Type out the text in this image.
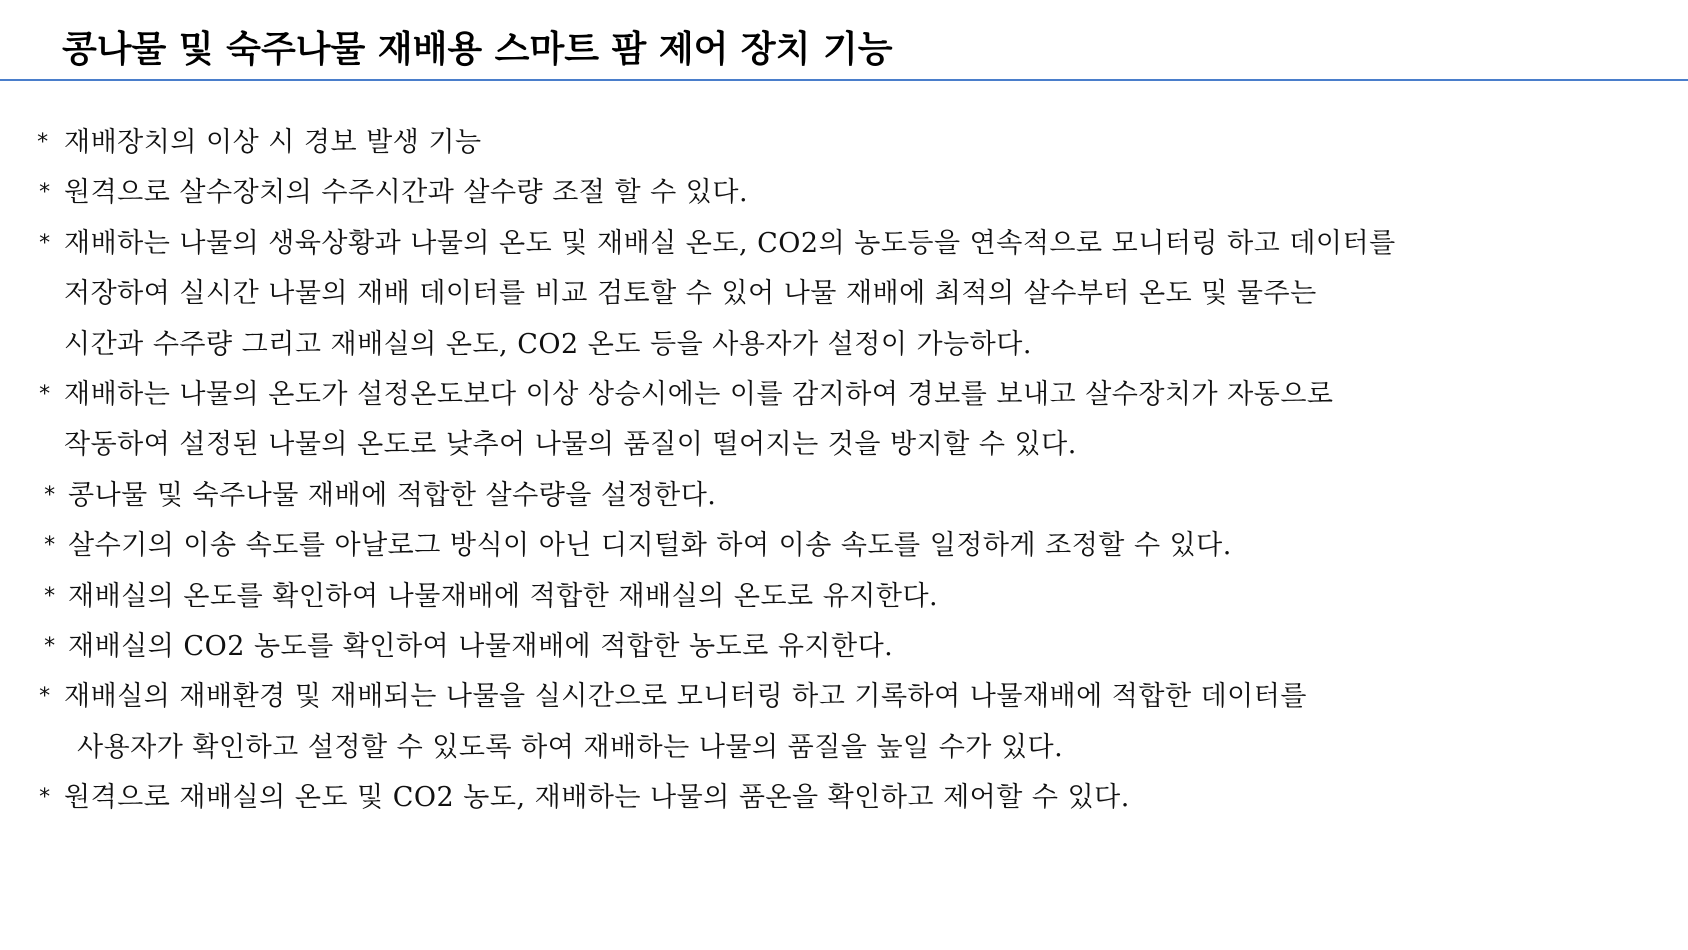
콩나물 및 숙주나물 재배용 스마트 팜 제어 장치 기능
* 재배장치의 이상 시 경보 발생 기능
* 원격으로 살수장치의 수주시간과 살수량 조절 할 수 있다.
* 재배하는 나물의 생육상황과 나물의 온도 및 재배실 온도, CO2의 농도등을 연속적으로 모니터링 하고 데이터를
저장하여 실시간 나물의 재배 데이터를 비교 검토할 수 있어 나물 재배에 최적의 살수부터 온도 및 물주는
시간과 수주량 그리고 재배실의 온도, CO2 온도 등을 사용자가 설정이 가능하다.
* 재배하는 나물의 온도가 설정온도보다 이상 상승시에는 이를 감지하여 경보를 보내고 살수장치가 자동으로
작동하여 설정된 나물의 온도로 낮추어 나물의 품질이 떨어지는 것을 방지할 수 있다.
* 콩나물 및 숙주나물 재배에 적합한 살수량을 설정한다.
* 살수기의 이송 속도를 아날로그 방식이 아닌 디지털화 하여 이송 속도를 일정하게 조정할 수 있다.
* 재배실의 온도를 확인하여 나물재배에 적합한 재배실의 온도로 유지한다.
* 재배실의 CO2 농도를 확인하여 나물재배에 적합한 농도로 유지한다.
* 재배실의 재배환경 및 재배되는 나물을 실시간으로 모니터링 하고 기록하여 나물재배에 적합한 데이터를
사용자가 확인하고 설정할 수 있도록 하여 재배하는 나물의 품질을 높일 수가 있다.
* 원격으로 재배실의 온도 및 CO2 농도, 재배하는 나물의 품온을 확인하고 제어할 수 있다.
